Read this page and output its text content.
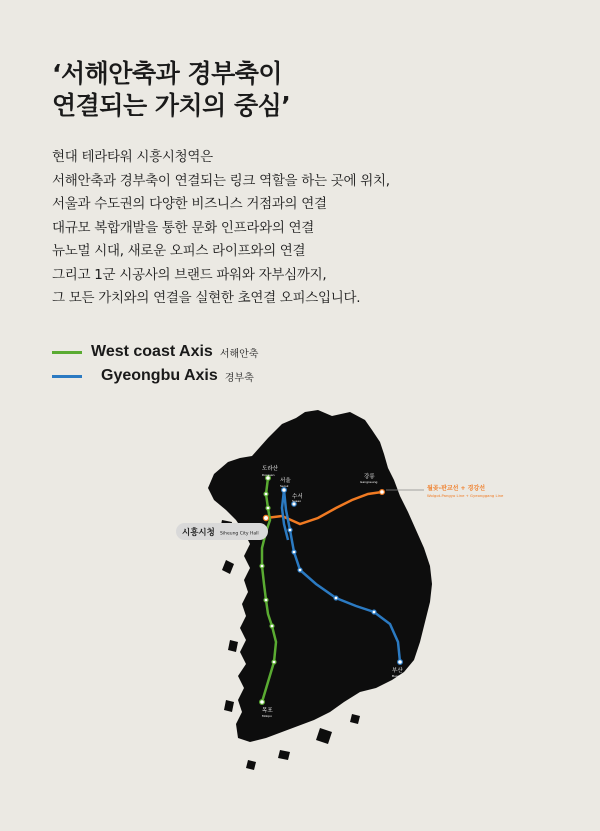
‘서해안축과 경부축이
연결되는 가치의 중심’
현대 테라타워 시흥시청역은
서해안축과 경부축이 연결되는 링크 역할을 하는 곳에 위치,
서울과 수도권의 다양한 비즈니스 거점과의 연결
대규모 복합개발을 통한 문화 인프라와의 연결
뉴노멀 시대, 새로운 오피스 라이프와의 연결
그리고 1군 시공사의 브랜드 파워와 자부심까지,
그 모든 가치와의 연결을 실현한 초연결 오피스입니다.
West coast Axis 서해안축
Gyeongbu Axis 경부축
도라산
서울
수서
강릉
목포
부산
Dorasan
Seoul
Suseo
Gangneung
Mokpo
Busan
시흥시청 Siheung City Hall
월곶-판교선 + 경강선
Wolgot-Pangyo Line + Gyeonggang Line
